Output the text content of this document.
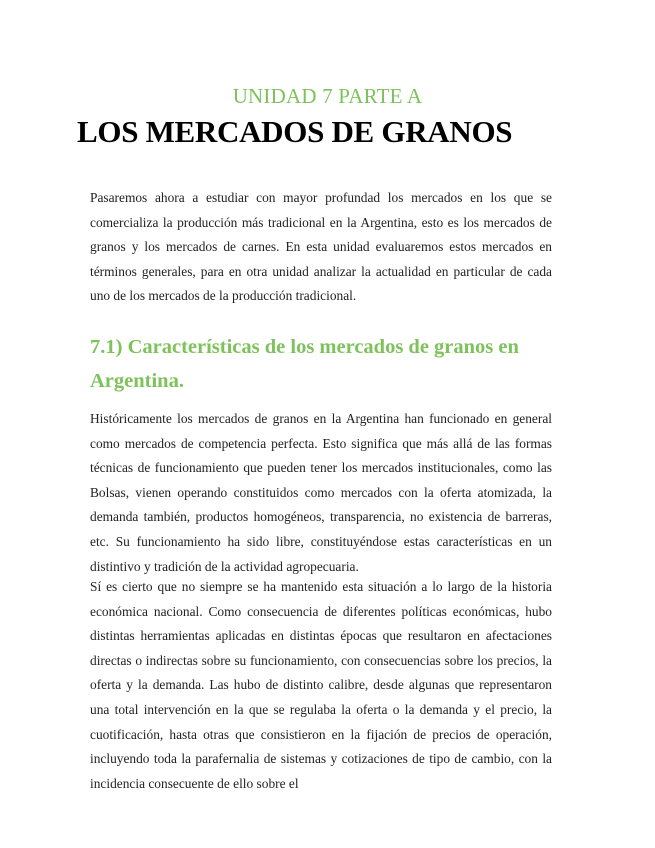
UNIDAD 7 PARTE A
LOS MERCADOS DE GRANOS
Pasaremos ahora a estudiar con mayor profundad los mercados en los que se comercializa la producción más tradicional en la Argentina, esto es los mercados de granos y los mercados de carnes. En esta unidad evaluaremos estos mercados en términos generales, para en otra unidad analizar la actualidad en particular de cada uno de los mercados de la producción tradicional.
7.1) Características de los mercados de granos en Argentina.
Históricamente los mercados de granos en la Argentina han funcionado en general como mercados de competencia perfecta. Esto significa que más allá de las formas técnicas de funcionamiento que pueden tener los mercados institucionales, como las Bolsas, vienen operando constituidos como mercados con la oferta atomizada, la demanda también, productos homogéneos, transparencia, no existencia de barreras, etc. Su funcionamiento ha sido libre, constituyéndose estas características en un distintivo y tradición de la actividad agropecuaria.
Sí es cierto que no siempre se ha mantenido esta situación a lo largo de la historia económica nacional. Como consecuencia de diferentes políticas económicas, hubo distintas herramientas aplicadas en distintas épocas que resultaron en afectaciones directas o indirectas sobre su funcionamiento, con consecuencias sobre los precios, la oferta y la demanda. Las hubo de distinto calibre, desde algunas que representaron una total intervención en la que se regulaba la oferta o la demanda y el precio, la cuotificación, hasta otras que consistieron en la fijación de precios de operación, incluyendo toda la parafernalia de sistemas y cotizaciones de tipo de cambio, con la incidencia consecuente de ello sobre el
